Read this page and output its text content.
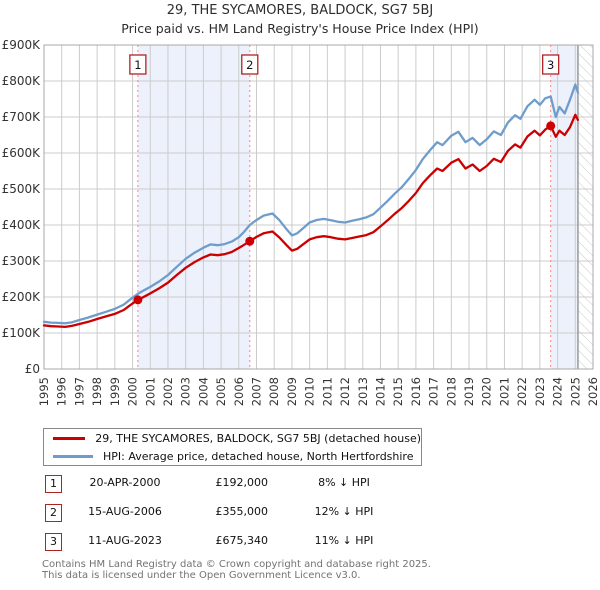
29, THE SYCAMORES, BALDOCK, SG7 5BJ
Price paid vs. HM Land Registry's House Price Index (HPI)
£0
£100K
£200K
£300K
£400K
£500K
£600K
£700K
£800K
£900K
1995 1996 1997 1998 1999 2000 2001 2002 2003 2004 2005 2006 2007 2008 2009 2010 2011 2012 2013 2014 2015 2016 2017 2018 2019 2020 2021 2022 2023 2024 2025 2026
1	2	3
29, THE SYCAMORES, BALDOCK, SG7 5BJ (detached house)
HPI: Average price, detached house, North Hertfordshire
1	20-APR-2000	£192,000	8% ↓ HPI
2	15-AUG-2006	£355,000	12% ↓ HPI
3	11-AUG-2023	£675,340	11% ↓ HPI
Contains HM Land Registry data © Crown copyright and database right 2025.
This data is licensed under the Open Government Licence v3.0.
